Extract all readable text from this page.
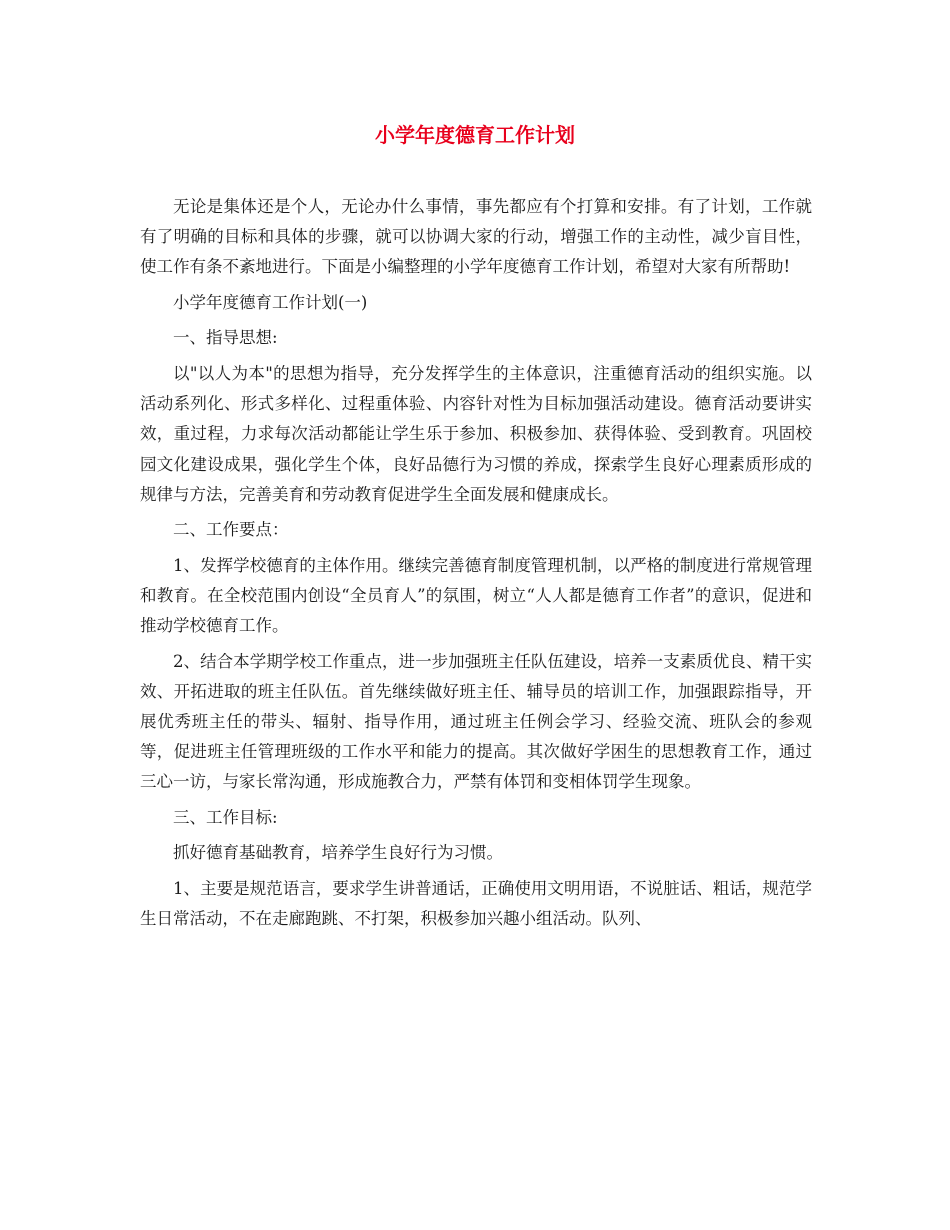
小学年度德育工作计划

无论是集体还是个人，无论办什么事情，事先都应有个打算和安排。有了计划，工作就有了明确的目标和具体的步骤，就可以协调大家的行动，增强工作的主动性，减少盲目性，使工作有条不紊地进行。下面是小编整理的小学年度德育工作计划，希望对大家有所帮助!

小学年度德育工作计划(一)

一、指导思想:

以"以人为本"的思想为指导，充分发挥学生的主体意识，注重德育活动的组织实施。以活动系列化、形式多样化、过程重体验、内容针对性为目标加强活动建设。德育活动要讲实效，重过程，力求每次活动都能让学生乐于参加、积极参加、获得体验、受到教育。巩固校园文化建设成果，强化学生个体，良好品德行为习惯的养成，探索学生良好心理素质形成的规律与方法，完善美育和劳动教育促进学生全面发展和健康成长。

二、工作要点：

1、发挥学校德育的主体作用。继续完善德育制度管理机制，以严格的制度进行常规管理和教育。在全校范围内创设“全员育人”的氛围，树立“人人都是德育工作者”的意识，促进和推动学校德育工作。

2、结合本学期学校工作重点，进一步加强班主任队伍建设，培养一支素质优良、精干实效、开拓进取的班主任队伍。首先继续做好班主任、辅导员的培训工作，加强跟踪指导，开展优秀班主任的带头、辐射、指导作用，通过班主任例会学习、经验交流、班队会的参观等，促进班主任管理班级的工作水平和能力的提高。其次做好学困生的思想教育工作，通过三心一访，与家长常沟通，形成施教合力，严禁有体罚和变相体罚学生现象。

三、工作目标:

抓好德育基础教育，培养学生良好行为习惯。

1、主要是规范语言，要求学生讲普通话，正确使用文明用语，不说脏话、粗话，规范学生日常活动，不在走廊跑跳、不打架，积极参加兴趣小组活动。队列、
